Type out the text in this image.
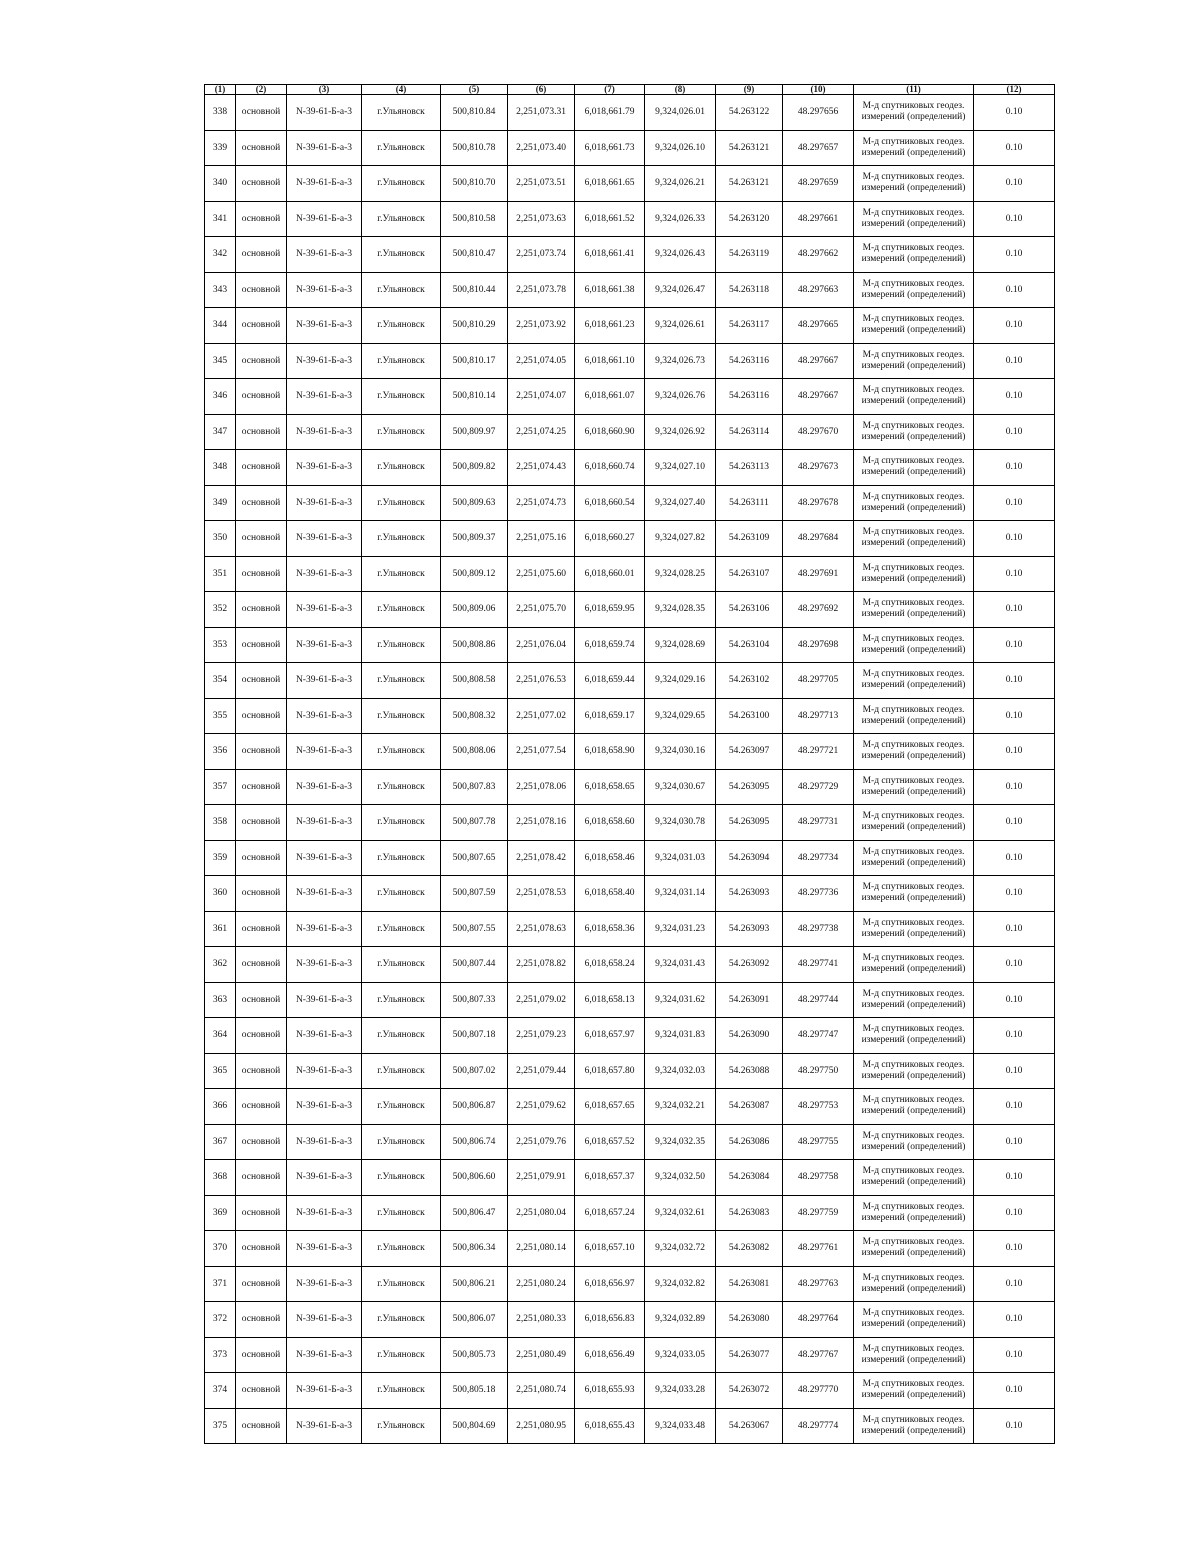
(1)	(2)	(3)	(4)	(5)	(6)	(7)	(8)	(9)	(10)	(11)	(12)
338	основной	N-39-61-Б-а-3	г.Ульяновск	500,810.84	2,251,073.31	6,018,661.79	9,324,026.01	54.263122	48.297656	М-д спутниковых геодез. измерений (определений)	0.10
339	основной	N-39-61-Б-а-3	г.Ульяновск	500,810.78	2,251,073.40	6,018,661.73	9,324,026.10	54.263121	48.297657	М-д спутниковых геодез. измерений (определений)	0.10
340	основной	N-39-61-Б-а-3	г.Ульяновск	500,810.70	2,251,073.51	6,018,661.65	9,324,026.21	54.263121	48.297659	М-д спутниковых геодез. измерений (определений)	0.10
341	основной	N-39-61-Б-а-3	г.Ульяновск	500,810.58	2,251,073.63	6,018,661.52	9,324,026.33	54.263120	48.297661	М-д спутниковых геодез. измерений (определений)	0.10
342	основной	N-39-61-Б-а-3	г.Ульяновск	500,810.47	2,251,073.74	6,018,661.41	9,324,026.43	54.263119	48.297662	М-д спутниковых геодез. измерений (определений)	0.10
343	основной	N-39-61-Б-а-3	г.Ульяновск	500,810.44	2,251,073.78	6,018,661.38	9,324,026.47	54.263118	48.297663	М-д спутниковых геодез. измерений (определений)	0.10
344	основной	N-39-61-Б-а-3	г.Ульяновск	500,810.29	2,251,073.92	6,018,661.23	9,324,026.61	54.263117	48.297665	М-д спутниковых геодез. измерений (определений)	0.10
345	основной	N-39-61-Б-а-3	г.Ульяновск	500,810.17	2,251,074.05	6,018,661.10	9,324,026.73	54.263116	48.297667	М-д спутниковых геодез. измерений (определений)	0.10
346	основной	N-39-61-Б-а-3	г.Ульяновск	500,810.14	2,251,074.07	6,018,661.07	9,324,026.76	54.263116	48.297667	М-д спутниковых геодез. измерений (определений)	0.10
347	основной	N-39-61-Б-а-3	г.Ульяновск	500,809.97	2,251,074.25	6,018,660.90	9,324,026.92	54.263114	48.297670	М-д спутниковых геодез. измерений (определений)	0.10
348	основной	N-39-61-Б-а-3	г.Ульяновск	500,809.82	2,251,074.43	6,018,660.74	9,324,027.10	54.263113	48.297673	М-д спутниковых геодез. измерений (определений)	0.10
349	основной	N-39-61-Б-а-3	г.Ульяновск	500,809.63	2,251,074.73	6,018,660.54	9,324,027.40	54.263111	48.297678	М-д спутниковых геодез. измерений (определений)	0.10
350	основной	N-39-61-Б-а-3	г.Ульяновск	500,809.37	2,251,075.16	6,018,660.27	9,324,027.82	54.263109	48.297684	М-д спутниковых геодез. измерений (определений)	0.10
351	основной	N-39-61-Б-а-3	г.Ульяновск	500,809.12	2,251,075.60	6,018,660.01	9,324,028.25	54.263107	48.297691	М-д спутниковых геодез. измерений (определений)	0.10
352	основной	N-39-61-Б-а-3	г.Ульяновск	500,809.06	2,251,075.70	6,018,659.95	9,324,028.35	54.263106	48.297692	М-д спутниковых геодез. измерений (определений)	0.10
353	основной	N-39-61-Б-а-3	г.Ульяновск	500,808.86	2,251,076.04	6,018,659.74	9,324,028.69	54.263104	48.297698	М-д спутниковых геодез. измерений (определений)	0.10
354	основной	N-39-61-Б-а-3	г.Ульяновск	500,808.58	2,251,076.53	6,018,659.44	9,324,029.16	54.263102	48.297705	М-д спутниковых геодез. измерений (определений)	0.10
355	основной	N-39-61-Б-а-3	г.Ульяновск	500,808.32	2,251,077.02	6,018,659.17	9,324,029.65	54.263100	48.297713	М-д спутниковых геодез. измерений (определений)	0.10
356	основной	N-39-61-Б-а-3	г.Ульяновск	500,808.06	2,251,077.54	6,018,658.90	9,324,030.16	54.263097	48.297721	М-д спутниковых геодез. измерений (определений)	0.10
357	основной	N-39-61-Б-а-3	г.Ульяновск	500,807.83	2,251,078.06	6,018,658.65	9,324,030.67	54.263095	48.297729	М-д спутниковых геодез. измерений (определений)	0.10
358	основной	N-39-61-Б-а-3	г.Ульяновск	500,807.78	2,251,078.16	6,018,658.60	9,324,030.78	54.263095	48.297731	М-д спутниковых геодез. измерений (определений)	0.10
359	основной	N-39-61-Б-а-3	г.Ульяновск	500,807.65	2,251,078.42	6,018,658.46	9,324,031.03	54.263094	48.297734	М-д спутниковых геодез. измерений (определений)	0.10
360	основной	N-39-61-Б-а-3	г.Ульяновск	500,807.59	2,251,078.53	6,018,658.40	9,324,031.14	54.263093	48.297736	М-д спутниковых геодез. измерений (определений)	0.10
361	основной	N-39-61-Б-а-3	г.Ульяновск	500,807.55	2,251,078.63	6,018,658.36	9,324,031.23	54.263093	48.297738	М-д спутниковых геодез. измерений (определений)	0.10
362	основной	N-39-61-Б-а-3	г.Ульяновск	500,807.44	2,251,078.82	6,018,658.24	9,324,031.43	54.263092	48.297741	М-д спутниковых геодез. измерений (определений)	0.10
363	основной	N-39-61-Б-а-3	г.Ульяновск	500,807.33	2,251,079.02	6,018,658.13	9,324,031.62	54.263091	48.297744	М-д спутниковых геодез. измерений (определений)	0.10
364	основной	N-39-61-Б-а-3	г.Ульяновск	500,807.18	2,251,079.23	6,018,657.97	9,324,031.83	54.263090	48.297747	М-д спутниковых геодез. измерений (определений)	0.10
365	основной	N-39-61-Б-а-3	г.Ульяновск	500,807.02	2,251,079.44	6,018,657.80	9,324,032.03	54.263088	48.297750	М-д спутниковых геодез. измерений (определений)	0.10
366	основной	N-39-61-Б-а-3	г.Ульяновск	500,806.87	2,251,079.62	6,018,657.65	9,324,032.21	54.263087	48.297753	М-д спутниковых геодез. измерений (определений)	0.10
367	основной	N-39-61-Б-а-3	г.Ульяновск	500,806.74	2,251,079.76	6,018,657.52	9,324,032.35	54.263086	48.297755	М-д спутниковых геодез. измерений (определений)	0.10
368	основной	N-39-61-Б-а-3	г.Ульяновск	500,806.60	2,251,079.91	6,018,657.37	9,324,032.50	54.263084	48.297758	М-д спутниковых геодез. измерений (определений)	0.10
369	основной	N-39-61-Б-а-3	г.Ульяновск	500,806.47	2,251,080.04	6,018,657.24	9,324,032.61	54.263083	48.297759	М-д спутниковых геодез. измерений (определений)	0.10
370	основной	N-39-61-Б-а-3	г.Ульяновск	500,806.34	2,251,080.14	6,018,657.10	9,324,032.72	54.263082	48.297761	М-д спутниковых геодез. измерений (определений)	0.10
371	основной	N-39-61-Б-а-3	г.Ульяновск	500,806.21	2,251,080.24	6,018,656.97	9,324,032.82	54.263081	48.297763	М-д спутниковых геодез. измерений (определений)	0.10
372	основной	N-39-61-Б-а-3	г.Ульяновск	500,806.07	2,251,080.33	6,018,656.83	9,324,032.89	54.263080	48.297764	М-д спутниковых геодез. измерений (определений)	0.10
373	основной	N-39-61-Б-а-3	г.Ульяновск	500,805.73	2,251,080.49	6,018,656.49	9,324,033.05	54.263077	48.297767	М-д спутниковых геодез. измерений (определений)	0.10
374	основной	N-39-61-Б-а-3	г.Ульяновск	500,805.18	2,251,080.74	6,018,655.93	9,324,033.28	54.263072	48.297770	М-д спутниковых геодез. измерений (определений)	0.10
375	основной	N-39-61-Б-а-3	г.Ульяновск	500,804.69	2,251,080.95	6,018,655.43	9,324,033.48	54.263067	48.297774	М-д спутниковых геодез. измерений (определений)	0.10
